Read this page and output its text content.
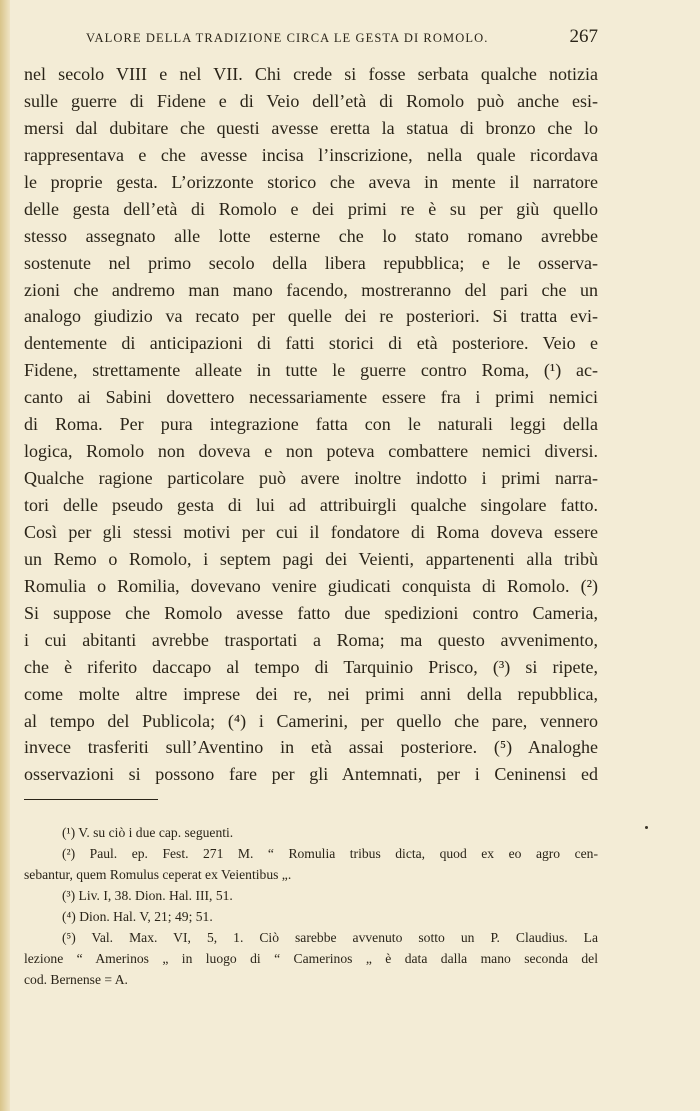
VALORE DELLA TRADIZIONE CIRCA LE GESTA DI ROMOLO.	267
nel secolo VIII e nel VII. Chi crede si fosse serbata qualche notizia
sulle guerre di Fidene e di Veio dell’età di Romolo può anche esi-
mersi dal dubitare che questi avesse eretta la statua di bronzo che lo
rappresentava e che avesse incisa l’inscrizione, nella quale ricordava
le proprie gesta. L’orizzonte storico che aveva in mente il narratore
delle gesta dell’età di Romolo e dei primi re è su per giù quello
stesso assegnato alle lotte esterne che lo stato romano avrebbe
sostenute nel primo secolo della libera repubblica; e le osserva-
zioni che andremo man mano facendo, mostreranno del pari che un
analogo giudizio va recato per quelle dei re posteriori. Si tratta evi-
dentemente di anticipazioni di fatti storici di età posteriore. Veio e
Fidene, strettamente alleate in tutte le guerre contro Roma, (¹) ac-
canto ai Sabini dovettero necessariamente essere fra i primi nemici
di Roma. Per pura integrazione fatta con le naturali leggi della
logica, Romolo non doveva e non poteva combattere nemici diversi.
Qualche ragione particolare può avere inoltre indotto i primi narra-
tori delle pseudo gesta di lui ad attribuirgli qualche singolare fatto.
Così per gli stessi motivi per cui il fondatore di Roma doveva essere
un Remo o Romolo, i septem pagi dei Veienti, appartenenti alla tribù
Romulia o Romilia, dovevano venire giudicati conquista di Romolo. (²)
Si suppose che Romolo avesse fatto due spedizioni contro Cameria,
i cui abitanti avrebbe trasportati a Roma; ma questo avvenimento,
che è riferito daccapo al tempo di Tarquinio Prisco, (³) si ripete,
come molte altre imprese dei re, nei primi anni della repubblica,
al tempo del Publicola; (⁴) i Camerini, per quello che pare, vennero
invece trasferiti sull’Aventino in età assai posteriore. (⁵) Analoghe
osservazioni si possono fare per gli Antemnati, per i Ceninensi ed
(¹) V. su ciò i due cap. seguenti.
(²) Paul. ep. Fest. 271 M. “ Romulia tribus dicta, quod ex eo agro cen-
sebantur, quem Romulus ceperat ex Veientibus „.
(³) Liv. I, 38. Dion. Hal. III, 51.
(⁴) Dion. Hal. V, 21; 49; 51.
(⁵) Val. Max. VI, 5, 1. Ciò sarebbe avvenuto sotto un P. Claudius. La
lezione “ Amerinos „ in luogo di “ Camerinos „ è data dalla mano seconda del
cod. Bernense = A.
